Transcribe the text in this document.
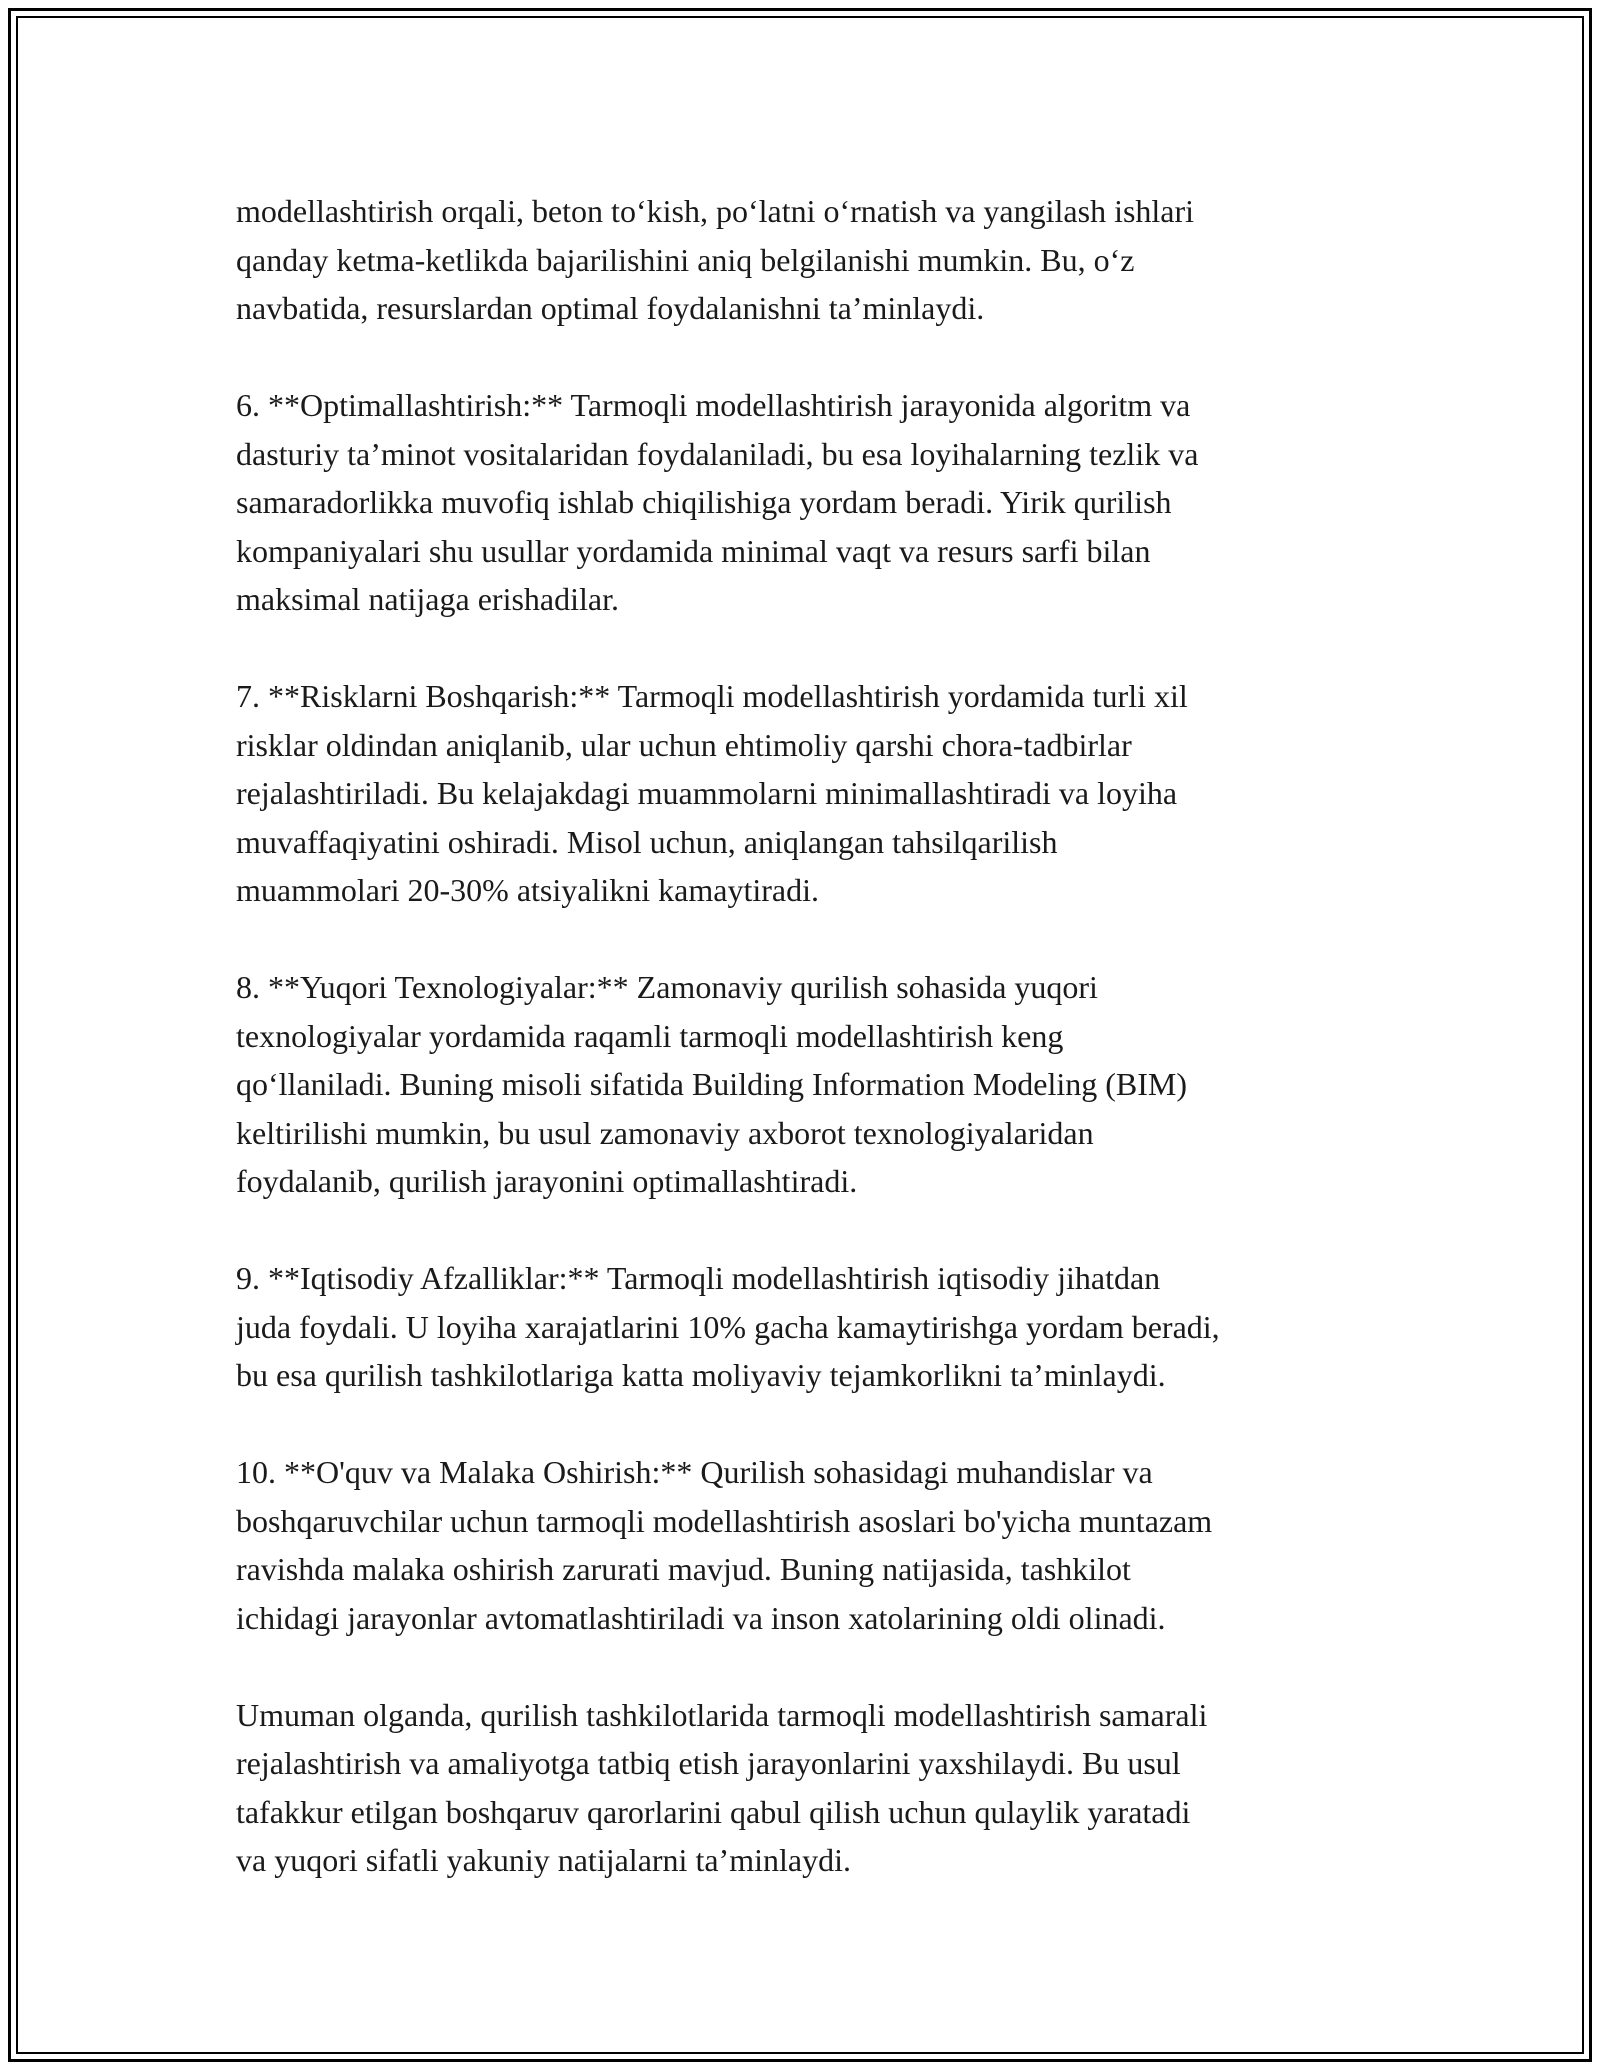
modellashtirish orqali, beton to‘kish, po‘latni o‘rnatish va yangilash ishlari
qanday ketma-ketlikda bajarilishini aniq belgilanishi mumkin. Bu, o‘z
navbatida, resurslardan optimal foydalanishni ta’minlaydi.

6. **Optimallashtirish:** Tarmoqli modellashtirish jarayonida algoritm va
dasturiy ta’minot vositalaridan foydalaniladi, bu esa loyihalarning tezlik va
samaradorlikka muvofiq ishlab chiqilishiga yordam beradi. Yirik qurilish
kompaniyalari shu usullar yordamida minimal vaqt va resurs sarfi bilan
maksimal natijaga erishadilar.

7. **Risklarni Boshqarish:** Tarmoqli modellashtirish yordamida turli xil
risklar oldindan aniqlanib, ular uchun ehtimoliy qarshi chora-tadbirlar
rejalashtiriladi. Bu kelajakdagi muammolarni minimallashtiradi va loyiha
muvaffaqiyatini oshiradi. Misol uchun, aniqlangan tahsilqarilish
muammolari 20-30% atsiyalikni kamaytiradi.

8. **Yuqori Texnologiyalar:** Zamonaviy qurilish sohasida yuqori
texnologiyalar yordamida raqamli tarmoqli modellashtirish keng
qo‘llaniladi. Buning misoli sifatida Building Information Modeling (BIM)
keltirilishi mumkin, bu usul zamonaviy axborot texnologiyalaridan
foydalanib, qurilish jarayonini optimallashtiradi.

9. **Iqtisodiy Afzalliklar:** Tarmoqli modellashtirish iqtisodiy jihatdan
juda foydali. U loyiha xarajatlarini 10% gacha kamaytirishga yordam beradi,
bu esa qurilish tashkilotlariga katta moliyaviy tejamkorlikni ta’minlaydi.

10. **O'quv va Malaka Oshirish:** Qurilish sohasidagi muhandislar va
boshqaruvchilar uchun tarmoqli modellashtirish asoslari bo'yicha muntazam
ravishda malaka oshirish zarurati mavjud. Buning natijasida, tashkilot
ichidagi jarayonlar avtomatlashtiriladi va inson xatolarining oldi olinadi.

Umuman olganda, qurilish tashkilotlarida tarmoqli modellashtirish samarali
rejalashtirish va amaliyotga tatbiq etish jarayonlarini yaxshilaydi. Bu usul
tafakkur etilgan boshqaruv qarorlarini qabul qilish uchun qulaylik yaratadi
va yuqori sifatli yakuniy natijalarni ta’minlaydi.
